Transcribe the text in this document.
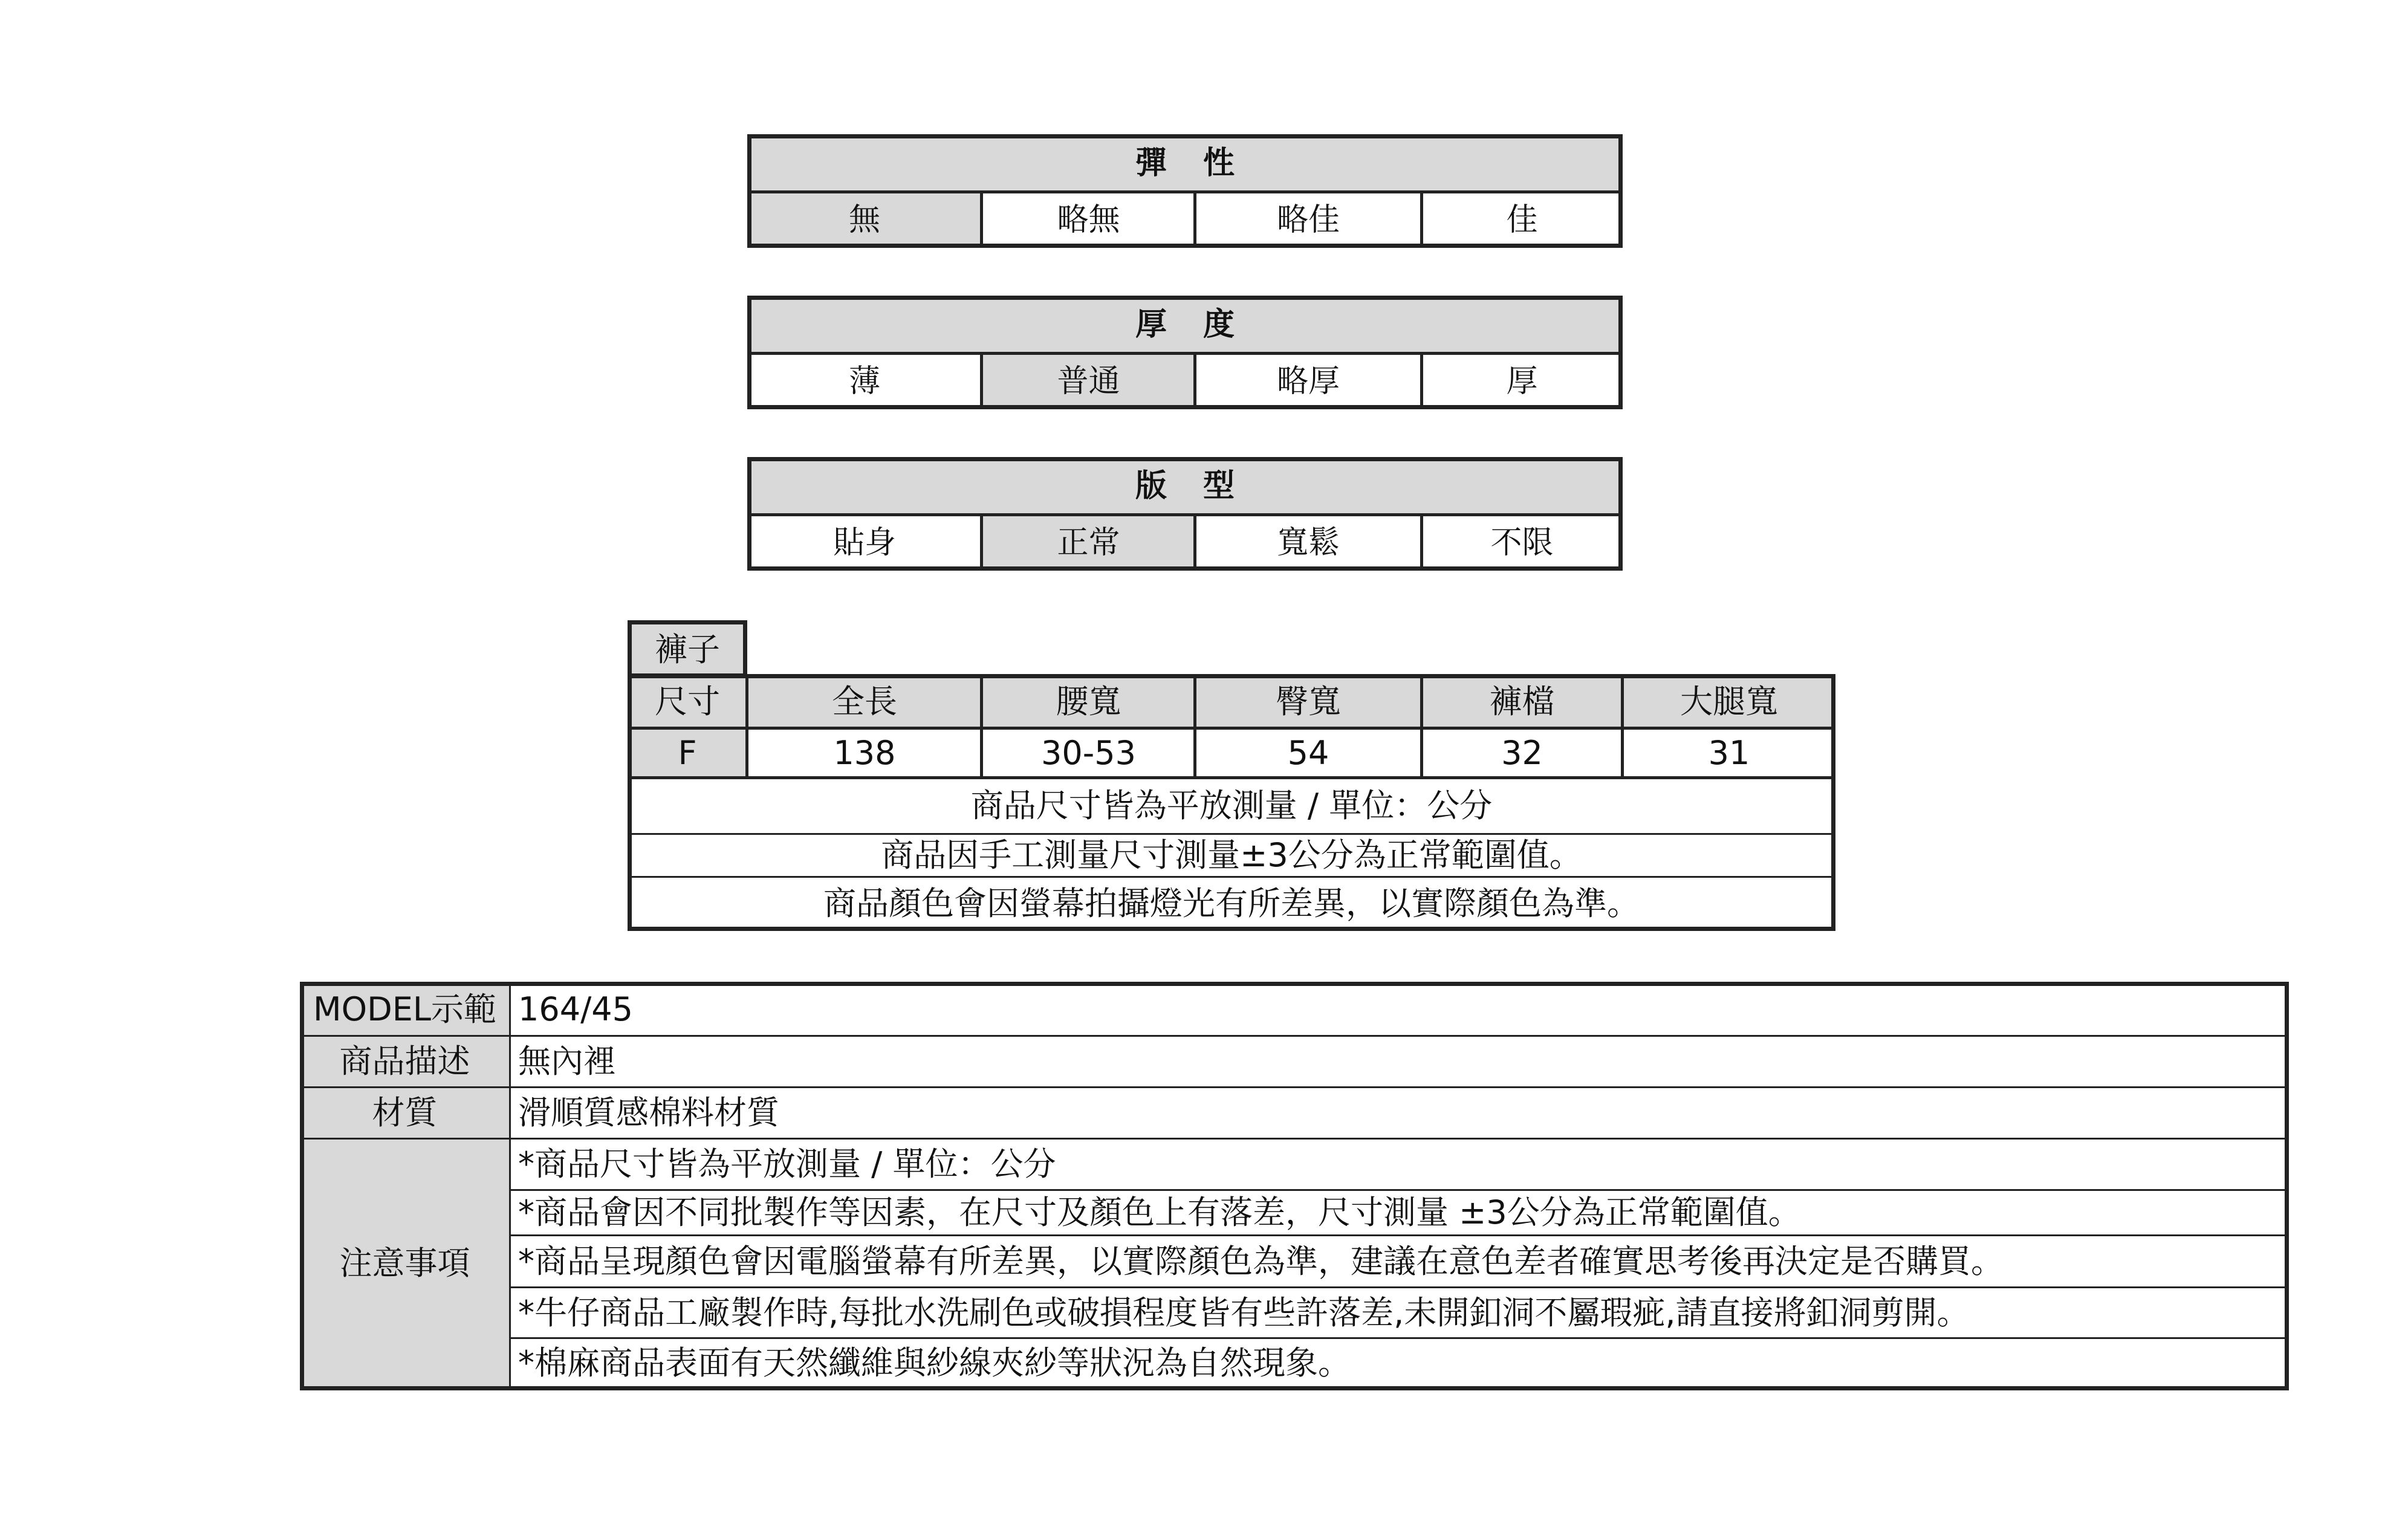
彈性
無	略無	略佳	佳
厚度
薄	普通	略厚	厚
版型
貼身	正常	寬鬆	不限
褲子
尺寸	全長	腰寬	臀寬	褲檔	大腿寬
F	138	30-53	54	32	31
商品尺寸皆為平放測量 / 單位：公分
商品因手工測量尺寸測量±3公分為正常範圍值。
商品顏色會因螢幕拍攝燈光有所差異，以實際顏色為準。
MODEL示範 164/45
商品描述	無內裡
材質	滑順質感棉料材質
注意事項
*商品尺寸皆為平放測量 / 單位：公分
*商品會因不同批製作等因素，在尺寸及顏色上有落差，尺寸測量 ±3公分為正常範圍值。
*商品呈現顏色會因電腦螢幕有所差異，以實際顏色為準，建議在意色差者確實思考後再決定是否購買。
*牛仔商品工廠製作時,每批水洗刷色或破損程度皆有些許落差,未開釦洞不屬瑕疵,請直接將釦洞剪開。
*棉麻商品表面有天然纖維與紗線夾紗等狀況為自然現象。
